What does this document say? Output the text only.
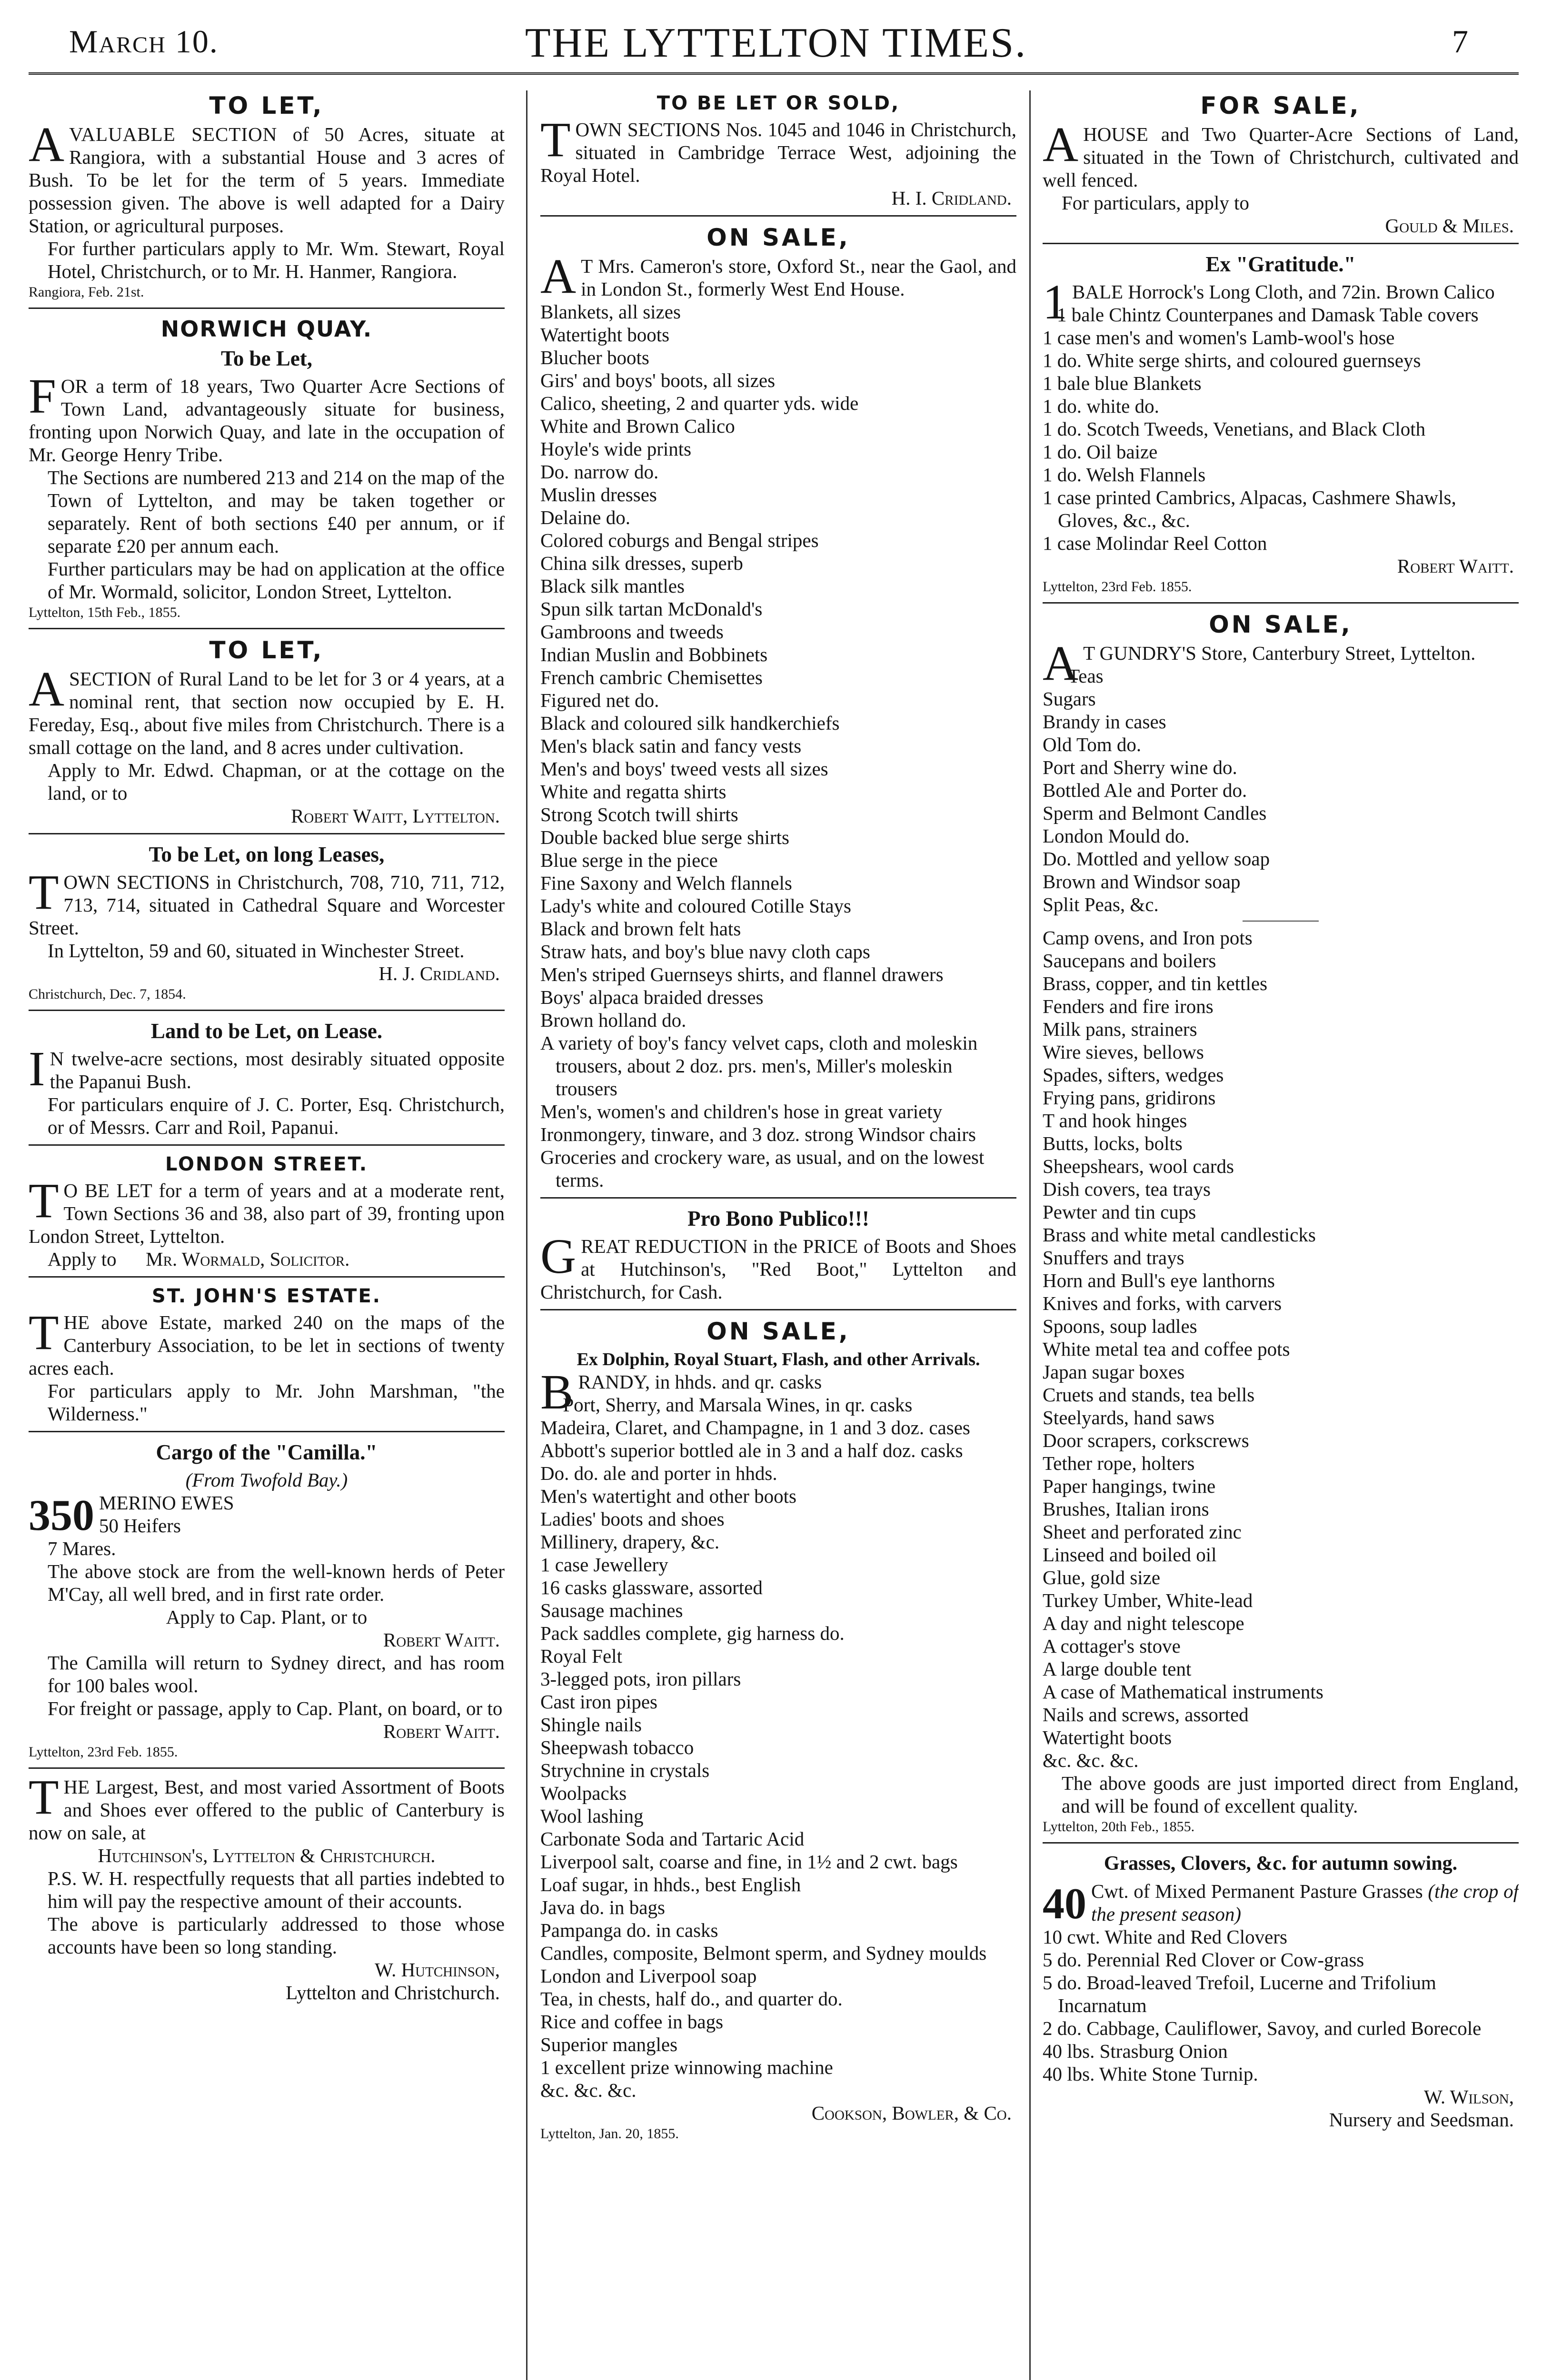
March 10.	THE LYTTELTON TIMES.	7
TO LET,

AVALUABLE SECTION of 50 Acres, situate at Rangiora, with a substantial House and 3 acres of Bush. To be let for the term of 5 years. Immediate possession given. The above is well adapted for a Dairy Station, or agricultural purposes.

For further particulars apply to Mr. Wm. Stewart, Royal Hotel, Christchurch, or to Mr. H. Hanmer, Rangiora.

Rangiora, Feb. 21st.
NORWICH QUAY.
To be Let,

FOR a term of 18 years, Two Quarter Acre Sections of Town Land, advantageously situate for business, fronting upon Norwich Quay, and late in the occupation of Mr. George Henry Tribe.

The Sections are numbered 213 and 214 on the map of the Town of Lyttelton, and may be taken together or separately. Rent of both sections £40 per annum, or if separate £20 per annum each.

Further particulars may be had on application at the office of Mr. Wormald, solicitor, London Street, Lyttelton.

Lyttelton, 15th Feb., 1855.
TO LET,

ASECTION of Rural Land to be let for 3 or 4 years, at a nominal rent, that section now occupied by E. H. Fereday, Esq., about five miles from Christchurch. There is a small cottage on the land, and 8 acres under cultivation.

Apply to Mr. Edwd. Chapman, or at the cottage on the land, or to

Robert Waitt, Lyttelton.
To be Let, on long Leases,

TOWN SECTIONS in Christchurch, 708, 710, 711, 712, 713, 714, situated in Cathedral Square and Worcester Street.

In Lyttelton, 59 and 60, situated in Winchester Street.

H. J. Cridland.
Christchurch, Dec. 7, 1854.
Land to be Let, on Lease.

I N twelve-acre sections, most desirably situated opposite the Papanui Bush.

For particulars enquire of J. C. Porter, Esq. Christchurch, or of Messrs. Carr and Roil, Papanui.

LONDON STREET.

T O BE LET for a term of years and at a moderate rent, Town Sections 36 and 38, also part of 39, fronting upon London Street, Lyttelton.

Apply to Mr. Wormald, Solicitor.

ST. JOHN'S ESTATE.

THE above Estate, marked 240 on the maps of the Canterbury Association, to be let in sections of twenty acres each.

For particulars apply to Mr. John Marshman, "the Wilderness."

Cargo of the "Camilla."
(From Twofold Bay.)
350 MERINO EWES
50 Heifers
7 Mares.

The above stock are from the well-known herds of Peter M'Cay, all well bred, and in first rate order.

Apply to Cap. Plant, or to
Robert Waitt.

The Camilla will return to Sydney direct, and has room for 100 bales wool.

For freight or passage, apply to Cap. Plant, on board, or to

Robert Waitt.
Lyttelton, 23rd Feb. 1855.

THE Largest, Best, and most varied Assortment of Boots and Shoes ever offered to the public of Canterbury is now on sale, at

Hutchinson's, Lyttelton & Christchurch.

P.S. W. H. respectfully requests that all parties indebted to him will pay the respective amount of their accounts.

The above is particularly addressed to those whose accounts have been so long standing.

W. Hutchinson,
Lyttelton and Christchurch.
TO BE LET OR SOLD,

TOWN SECTIONS Nos. 1045 and 1046 in Christchurch, situated in Cambridge Terrace West, adjoining the Royal Hotel.

H. I. Cridland.
ON SALE,

A T Mrs. Cameron's store, Oxford St., near the Gaol, and in London St., formerly West End House.

Blankets, all sizes
Watertight boots
Blucher boots
Girs' and boys' boots, all sizes
Calico, sheeting, 2 and quarter yds. wide
White and Brown Calico
Hoyle's wide prints
Do. narrow do.
Muslin dresses
Delaine do.
Colored coburgs and Bengal stripes
China silk dresses, superb
Black silk mantles
Spun silk tartan McDonald's
Gambroons and tweeds
Indian Muslin and Bobbinets
French cambric Chemisettes
Figured net do.
Black and coloured silk handkerchiefs
Men's black satin and fancy vests
Men's and boys' tweed vests all sizes
White and regatta shirts
Strong Scotch twill shirts
Double backed blue serge shirts
Blue serge in the piece
Fine Saxony and Welch flannels
Lady's white and coloured Cotille Stays
Black and brown felt hats
Straw hats, and boy's blue navy cloth caps
Men's striped Guernseys shirts, and flannel drawers
Boys' alpaca braided dresses
Brown holland do.
A variety of boy's fancy velvet caps, cloth and moleskin trousers, about 2 doz. prs. men's, Miller's moleskin trousers
Men's, women's and children's hose in great variety
Ironmongery, tinware, and 3 doz. strong Windsor chairs
Groceries and crockery ware, as usual, and on the lowest terms.
Pro Bono Publico!!!

GREAT REDUCTION in the PRICE of Boots and Shoes at Hutchinson's, "Red Boot," Lyttelton and Christchurch, for Cash.

ON SALE,
Ex Dolphin, Royal Stuart, Flash, and other Arrivals.

BRANDY, in hhds. and qr. casks

Port, Sherry, and Marsala Wines, in qr. casks
Madeira, Claret, and Champagne, in 1 and 3 doz. cases
Abbott's superior bottled ale in 3 and a half doz. casks
Do. do. ale and porter in hhds.
Men's watertight and other boots
Ladies' boots and shoes
Millinery, drapery, &c.
1 case Jewellery
16 casks glassware, assorted
Sausage machines
Pack saddles complete, gig harness do.
Royal Felt
3-legged pots, iron pillars
Cast iron pipes
Shingle nails
Sheepwash tobacco
Strychnine in crystals
Woolpacks
Wool lashing
Carbonate Soda and Tartaric Acid
Liverpool salt, coarse and fine, in 1½ and 2 cwt. bags
Loaf sugar, in hhds., best English
Java do. in bags
Pampanga do. in casks
Candles, composite, Belmont sperm, and Sydney moulds
London and Liverpool soap
Tea, in chests, half do., and quarter do.
Rice and coffee in bags
Superior mangles
1 excellent prize winnowing machine
&c. &c. &c.
Cookson, Bowler, & Co.
Lyttelton, Jan. 20, 1855.
FOR SALE,

AHOUSE and Two Quarter-Acre Sections of Land, situated in the Town of Christchurch, cultivated and well fenced.

For particulars, apply to

Gould & Miles.
Ex "Gratitude."

1 BALE Horrock's Long Cloth, and 72in. Brown Calico

1 bale Chintz Counterpanes and Damask Table covers
1 case men's and women's Lamb-wool's hose
1 do. White serge shirts, and coloured guernseys
1 bale blue Blankets
1 do. white do.
1 do. Scotch Tweeds, Venetians, and Black Cloth
1 do. Oil baize
1 do. Welsh Flannels
1 case printed Cambrics, Alpacas, Cashmere Shawls, Gloves, &c., &c.
1 case Molindar Reel Cotton
Robert Waitt.
Lyttelton, 23rd Feb. 1855.
ON SALE,

A T GUNDRY'S Store, Canterbury Street, Lyttelton.

Teas
Sugars
Brandy in cases
Old Tom do.
Port and Sherry wine do.
Bottled Ale and Porter do.
Sperm and Belmont Candles
London Mould do.
Do. Mottled and yellow soap
Brown and Windsor soap
Split Peas, &c.
Camp ovens, and Iron pots
Saucepans and boilers
Brass, copper, and tin kettles
Fenders and fire irons
Milk pans, strainers
Wire sieves, bellows
Spades, sifters, wedges
Frying pans, gridirons
T and hook hinges
Butts, locks, bolts
Sheepshears, wool cards
Dish covers, tea trays
Pewter and tin cups
Brass and white metal candlesticks
Snuffers and trays
Horn and Bull's eye lanthorns
Knives and forks, with carvers
Spoons, soup ladles
White metal tea and coffee pots
Japan sugar boxes
Cruets and stands, tea bells
Steelyards, hand saws
Door scrapers, corkscrews
Tether rope, holters
Paper hangings, twine
Brushes, Italian irons
Sheet and perforated zinc
Linseed and boiled oil
Glue, gold size
Turkey Umber, White-lead
A day and night telescope
A cottager's stove
A large double tent
A case of Mathematical instruments
Nails and screws, assorted
Watertight boots
&c. &c. &c.

The above goods are just imported direct from England, and will be found of excellent quality.

Lyttelton, 20th Feb., 1855.
Grasses, Clovers, &c. for autumn sowing.

40 Cwt. of Mixed Permanent Pasture Grasses (the crop of the present season)

10 cwt. White and Red Clovers
5 do. Perennial Red Clover or Cow-grass
5 do. Broad-leaved Trefoil, Lucerne and Trifolium Incarnatum
2 do. Cabbage, Cauliflower, Savoy, and curled Borecole
40 lbs. Strasburg Onion
40 lbs. White Stone Turnip.
W. Wilson,
Nursery and Seedsman.
